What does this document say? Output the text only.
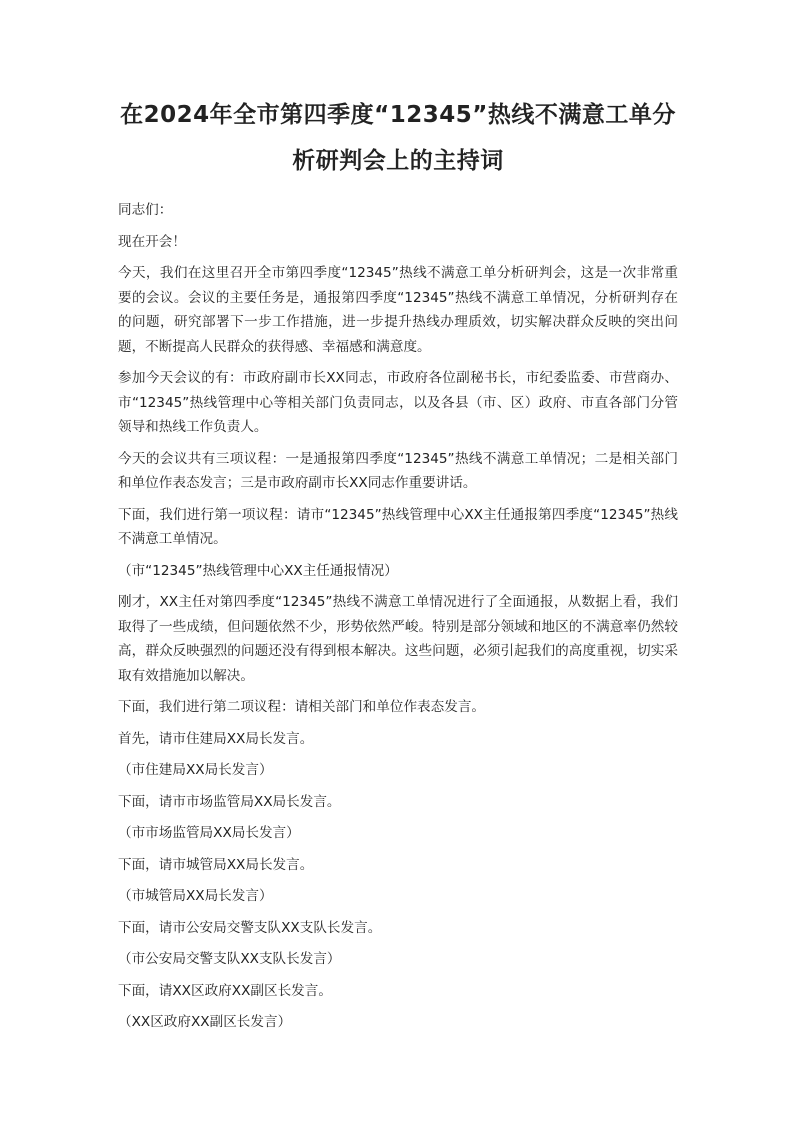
在2024年全市第四季度“12345”热线不满意工单分析研判会上的主持词

同志们：

现在开会！

今天，我们在这里召开全市第四季度“12345”热线不满意工单分析研判会，这是一次非常重要的会议。会议的主要任务是，通报第四季度“12345”热线不满意工单情况，分析研判存在的问题，研究部署下一步工作措施，进一步提升热线办理质效，切实解决群众反映的突出问题，不断提高人民群众的获得感、幸福感和满意度。

参加今天会议的有：市政府副市长XX同志，市政府各位副秘书长，市纪委监委、市营商办、市“12345”热线管理中心等相关部门负责同志，以及各县（市、区）政府、市直各部门分管领导和热线工作负责人。

今天的会议共有三项议程：一是通报第四季度“12345”热线不满意工单情况；二是相关部门和单位作表态发言；三是市政府副市长XX同志作重要讲话。

下面，我们进行第一项议程：请市“12345”热线管理中心XX主任通报第四季度“12345”热线不满意工单情况。

（市“12345”热线管理中心XX主任通报情况）

刚才，XX主任对第四季度“12345”热线不满意工单情况进行了全面通报，从数据上看，我们取得了一些成绩，但问题依然不少，形势依然严峻。特别是部分领域和地区的不满意率仍然较高，群众反映强烈的问题还没有得到根本解决。这些问题，必须引起我们的高度重视，切实采取有效措施加以解决。

下面，我们进行第二项议程：请相关部门和单位作表态发言。

首先，请市住建局XX局长发言。

（市住建局XX局长发言）

下面，请市市场监管局XX局长发言。

（市市场监管局XX局长发言）

下面，请市城管局XX局长发言。

（市城管局XX局长发言）

下面，请市公安局交警支队XX支队长发言。

（市公安局交警支队XX支队长发言）

下面，请XX区政府XX副区长发言。

（XX区政府XX副区长发言）
